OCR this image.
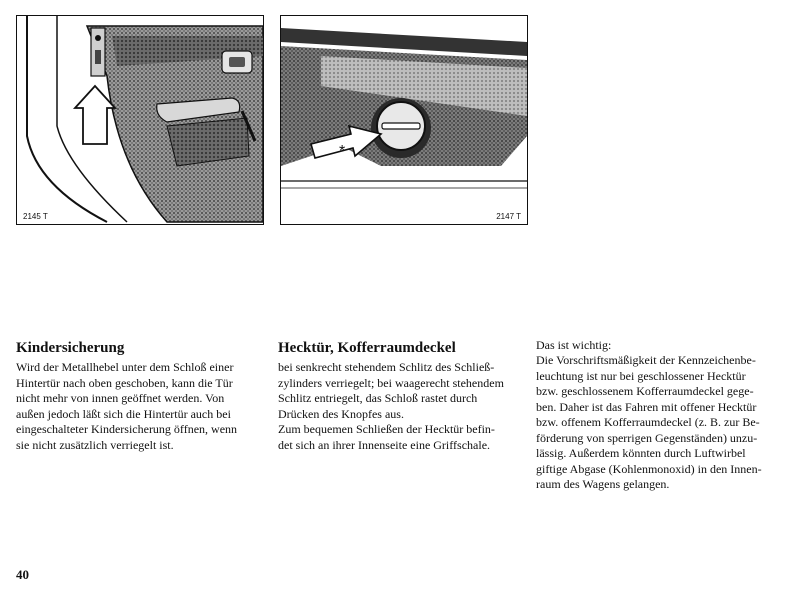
2145 T
*
2147 T
Kindersicherung
Wird der Metallhebel unter dem Schloß einer
Hintertür nach oben geschoben, kann die Tür
nicht mehr von innen geöffnet werden. Von
außen jedoch läßt sich die Hintertür auch bei
eingeschalteter Kindersicherung öffnen, wenn
sie nicht zusätzlich verriegelt ist.
Hecktür, Kofferraumdeckel
bei senkrecht stehendem Schlitz des Schließ-
zylinders verriegelt; bei waagerecht stehendem
Schlitz entriegelt, das Schloß rastet durch
Drücken des Knopfes aus.
Zum bequemen Schließen der Hecktür befin-
det sich an ihrer Innenseite eine Griffschale.
Das ist wichtig:
Die Vorschriftsmäßigkeit der Kennzeichenbe-
leuchtung ist nur bei geschlossener Hecktür
bzw. geschlossenem Kofferraumdeckel gege-
ben. Daher ist das Fahren mit offener Hecktür
bzw. offenem Kofferraumdeckel (z. B. zur Be-
förderung von sperrigen Gegenständen) unzu-
lässig. Außerdem könnten durch Luftwirbel
giftige Abgase (Kohlenmonoxid) in den Innen-
raum des Wagens gelangen.
40
